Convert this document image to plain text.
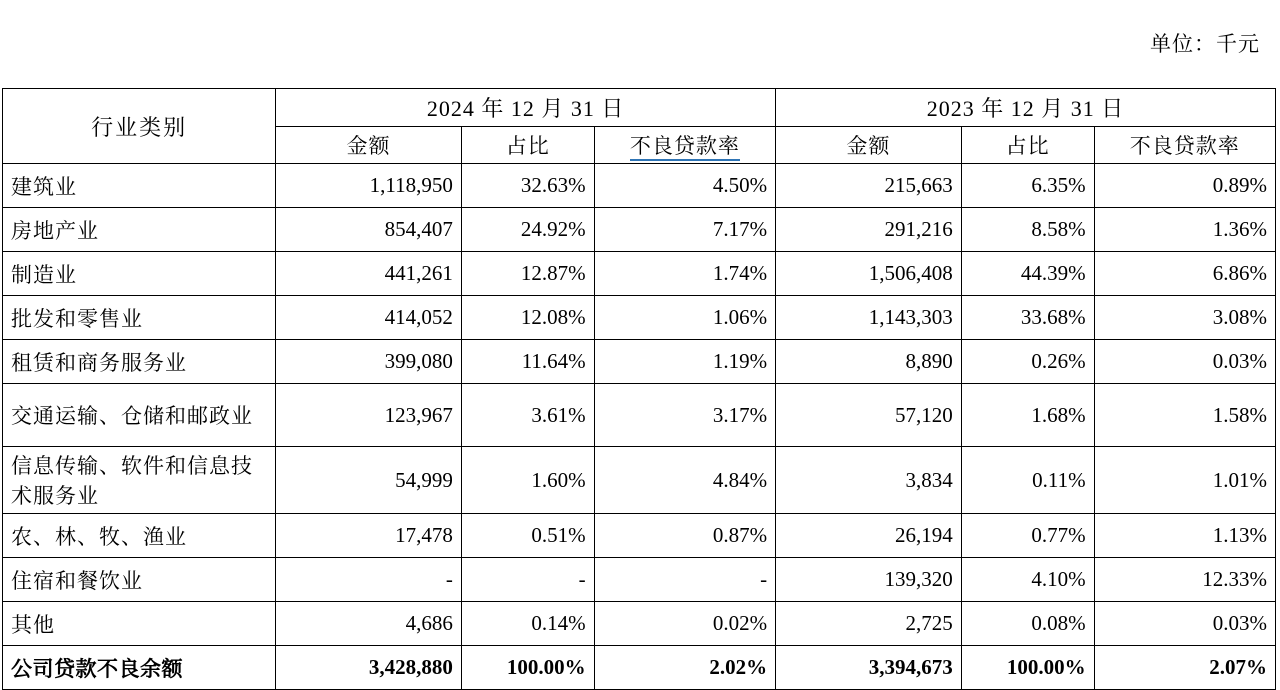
单位：千元
行业类别	2024 年 12 月 31 日			2023 年 12 月 31 日		
	金额	占比	不良贷款率	金额	占比	不良贷款率
建筑业	1,118,950	32.63%	4.50%	215,663	6.35%	0.89%
房地产业	854,407	24.92%	7.17%	291,216	8.58%	1.36%
制造业	441,261	12.87%	1.74%	1,506,408	44.39%	6.86%
批发和零售业	414,052	12.08%	1.06%	1,143,303	33.68%	3.08%
租赁和商务服务业	399,080	11.64%	1.19%	8,890	0.26%	0.03%
交通运输、仓储和邮政业	123,967	3.61%	3.17%	57,120	1.68%	1.58%
信息传输、软件和信息技术服务业	54,999	1.60%	4.84%	3,834	0.11%	1.01%
农、林、牧、渔业	17,478	0.51%	0.87%	26,194	0.77%	1.13%
住宿和餐饮业	-	-	-	139,320	4.10%	12.33%
其他	4,686	0.14%	0.02%	2,725	0.08%	0.03%
公司贷款不良余额	3,428,880	100.00%	2.02%	3,394,673	100.00%	2.07%
